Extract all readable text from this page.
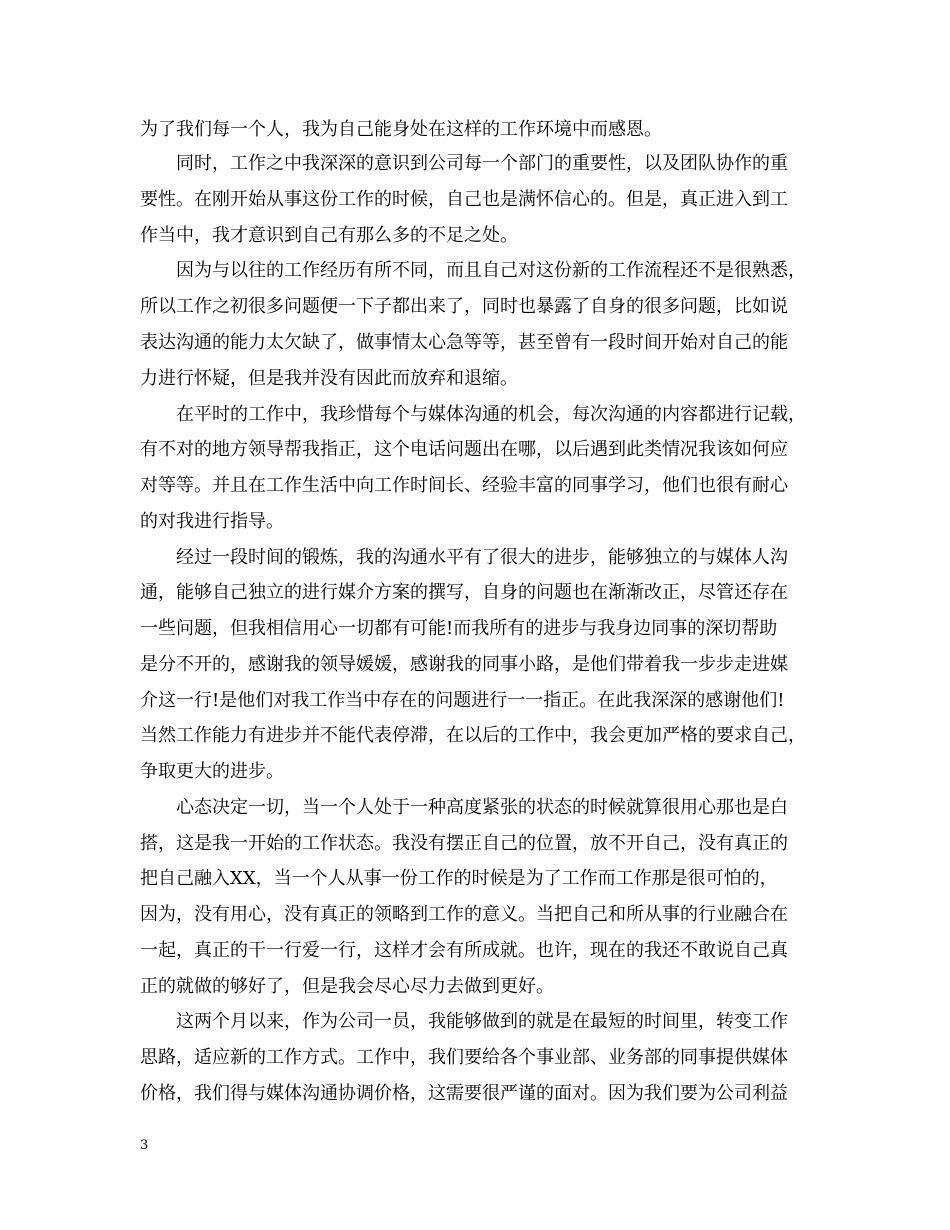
为了我们每一个人，我为自己能身处在这样的工作环境中而感恩。
同时，工作之中我深深的意识到公司每一个部门的重要性，以及团队协作的重
要性。在刚开始从事这份工作的时候，自己也是满怀信心的。但是，真正进入到工
作当中，我才意识到自己有那么多的不足之处。
因为与以往的工作经历有所不同，而且自己对这份新的工作流程还不是很熟悉，
所以工作之初很多问题便一下子都出来了，同时也暴露了自身的很多问题，比如说
表达沟通的能力太欠缺了，做事情太心急等等，甚至曾有一段时间开始对自己的能
力进行怀疑，但是我并没有因此而放弃和退缩。
在平时的工作中，我珍惜每个与媒体沟通的机会，每次沟通的内容都进行记载，
有不对的地方领导帮我指正，这个电话问题出在哪，以后遇到此类情况我该如何应
对等等。并且在工作生活中向工作时间长、经验丰富的同事学习，他们也很有耐心
的对我进行指导。
经过一段时间的锻炼，我的沟通水平有了很大的进步，能够独立的与媒体人沟
通，能够自己独立的进行媒介方案的撰写，自身的问题也在渐渐改正，尽管还存在
一些问题，但我相信用心一切都有可能!而我所有的进步与我身边同事的深切帮助
是分不开的，感谢我的领导媛媛，感谢我的同事小路，是他们带着我一步步走进媒
介这一行!是他们对我工作当中存在的问题进行一一指正。在此我深深的感谢他们!
当然工作能力有进步并不能代表停滞，在以后的工作中，我会更加严格的要求自己，
争取更大的进步。
心态决定一切，当一个人处于一种高度紧张的状态的时候就算很用心那也是白
搭，这是我一开始的工作状态。我没有摆正自己的位置，放不开自己，没有真正的
把自己融入XX，当一个人从事一份工作的时候是为了工作而工作那是很可怕的，
因为，没有用心，没有真正的领略到工作的意义。当把自己和所从事的行业融合在
一起，真正的干一行爱一行，这样才会有所成就。也许，现在的我还不敢说自己真
正的就做的够好了，但是我会尽心尽力去做到更好。
这两个月以来，作为公司一员，我能够做到的就是在最短的时间里，转变工作
思路，适应新的工作方式。工作中，我们要给各个事业部、业务部的同事提供媒体
价格，我们得与媒体沟通协调价格，这需要很严谨的面对。因为我们要为公司利益
3
